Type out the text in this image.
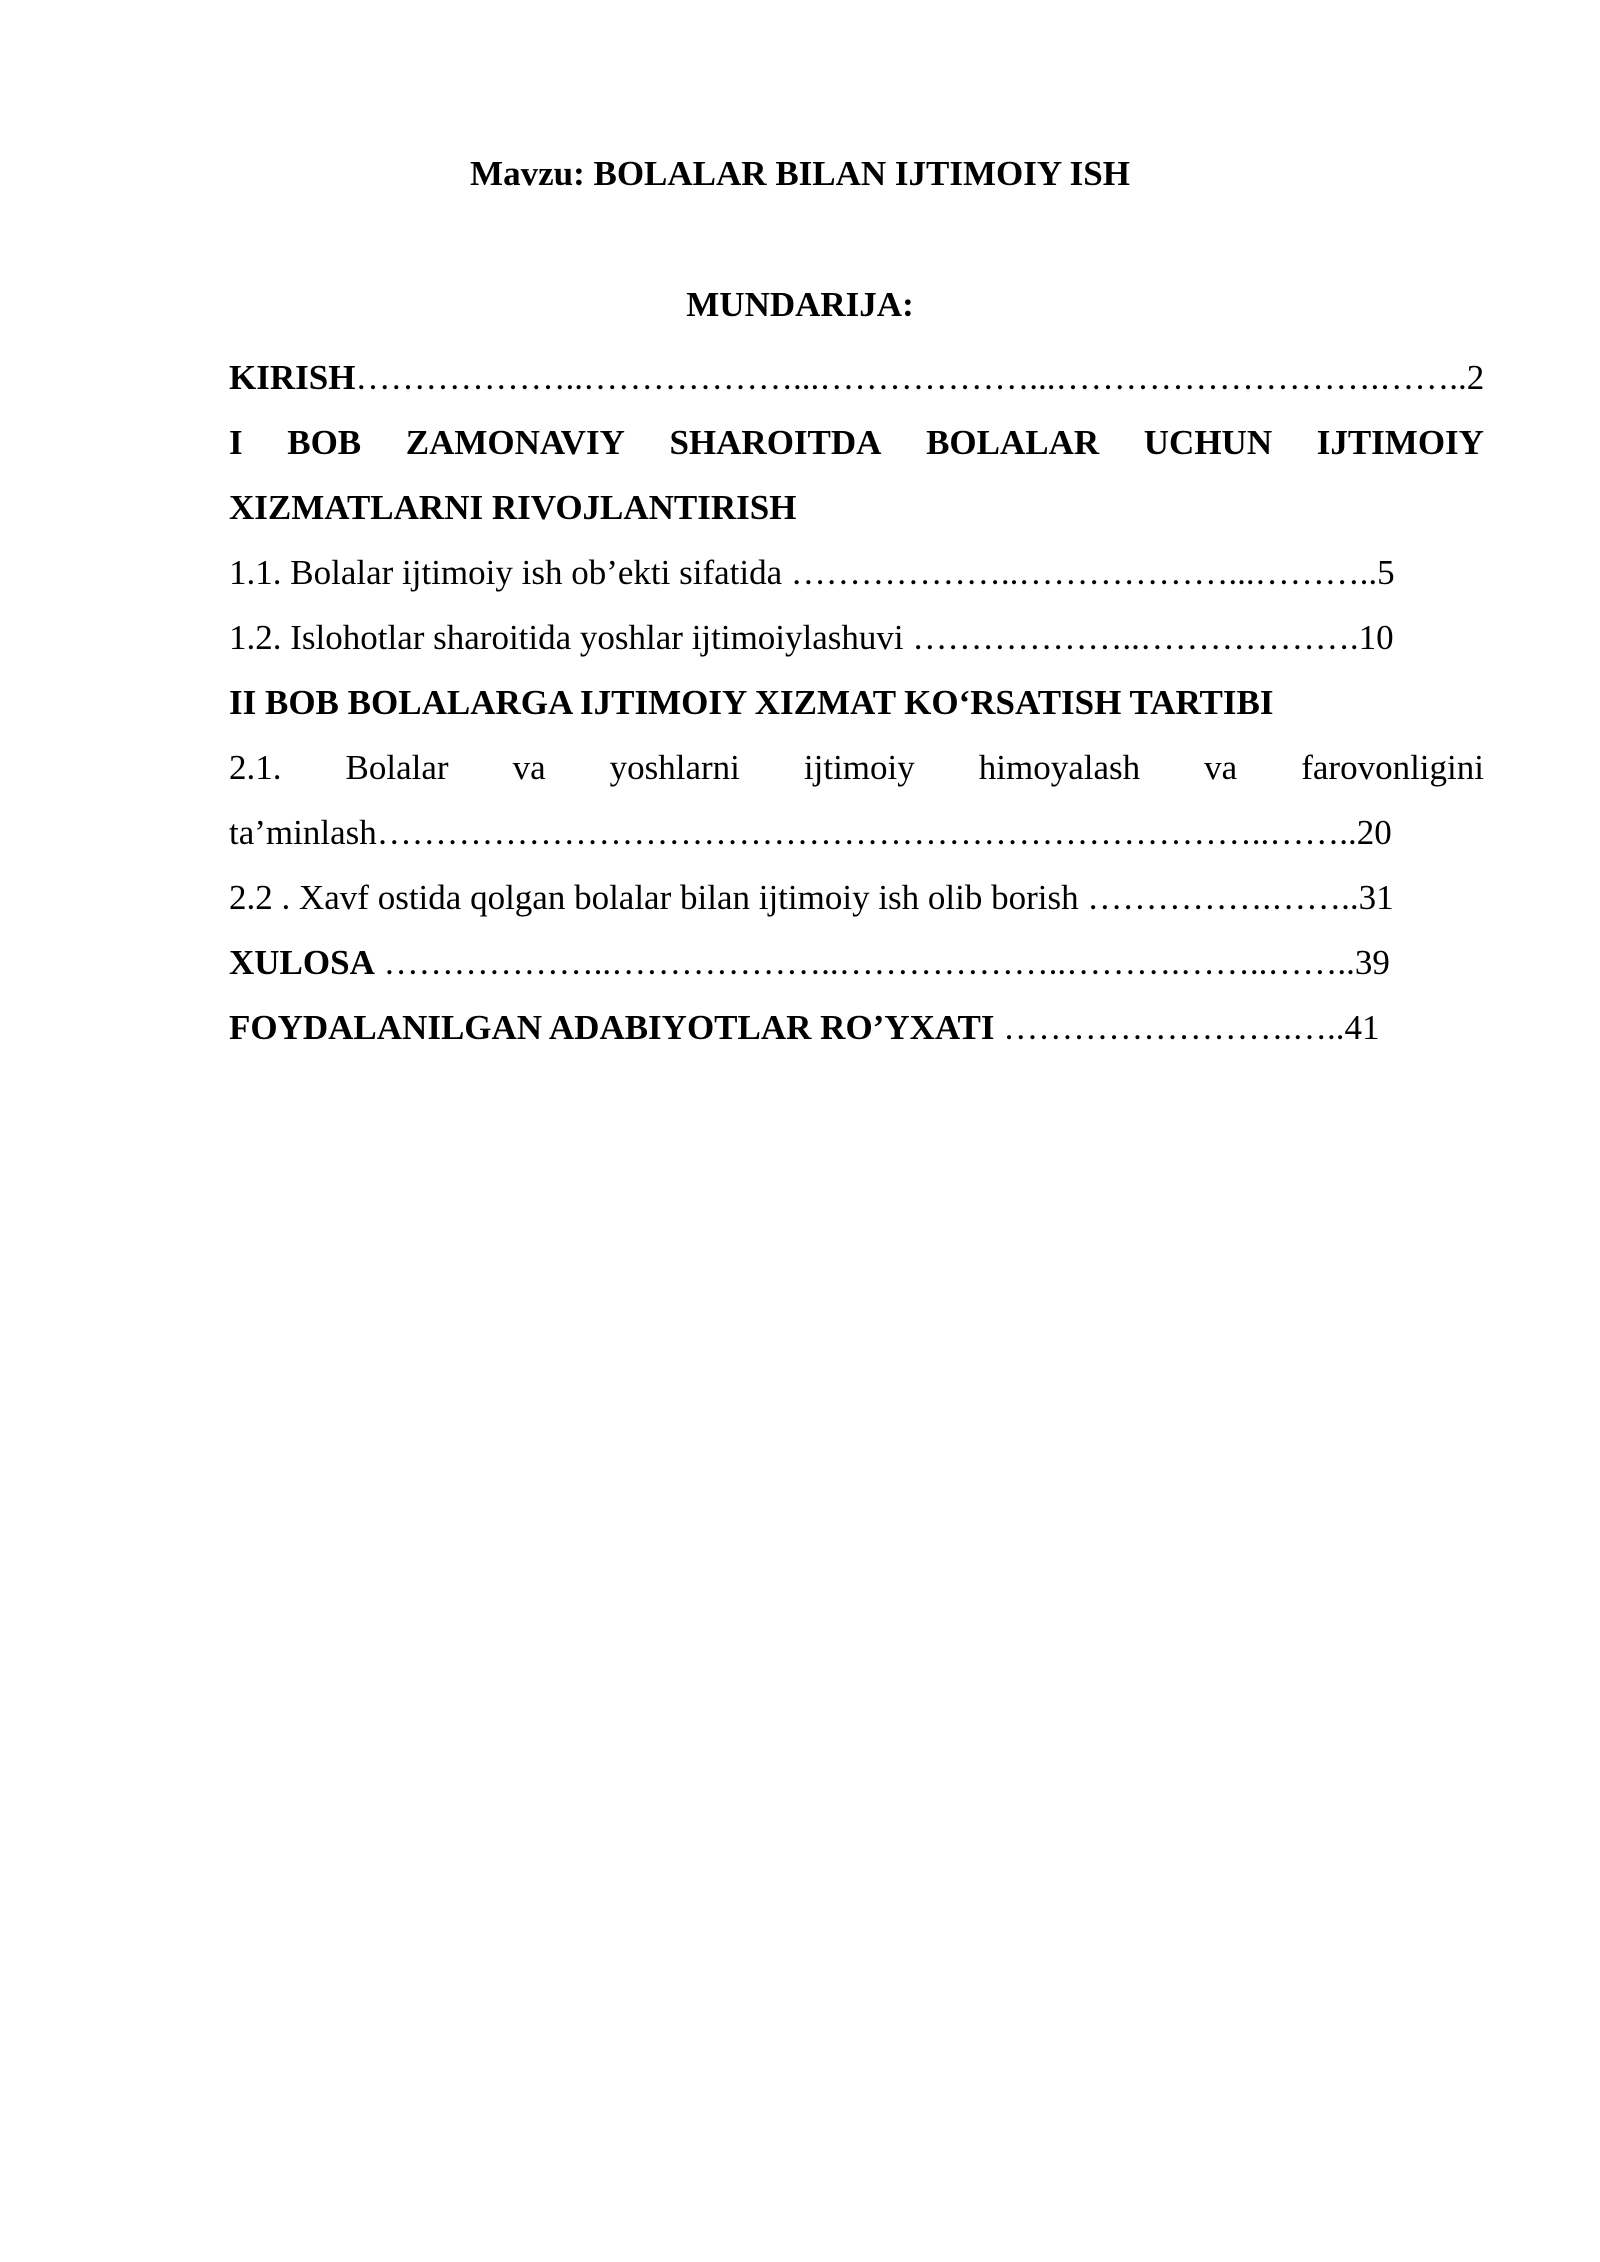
Mavzu: BOLALAR BILAN IJTIMOIY ISH
MUNDARIJA:
KIRISH………………..………………...………………...……………………….……..2
I BOB ZAMONAVIY SHAROITDA BOLALAR UCHUN IJTIMOIY
XIZMATLARNI RIVOJLANTIRISH
1.1. Bolalar ijtimoiy ish ob’ekti sifatida ………………..………………...………..5
1.2. Islohotlar sharoitida yoshlar ijtimoiylashuvi ………………..……………….10
II BOB BOLALARGA IJTIMOIY XIZMAT KO‘RSATISH TARTIBI
2.1. Bolalar va yoshlarni ijtimoiy himoyalash va farovonligini
ta’minlash…………………………………………………………………..……..20
2.2 . Xavf ostida qolgan bolalar bilan ijtimoiy ish olib borish …………….……..31
XULOSA ………………..………………..………………..……….……..……..39
FOYDALANILGAN ADABIYOTLAR RO’YXATI …………………….…..41
